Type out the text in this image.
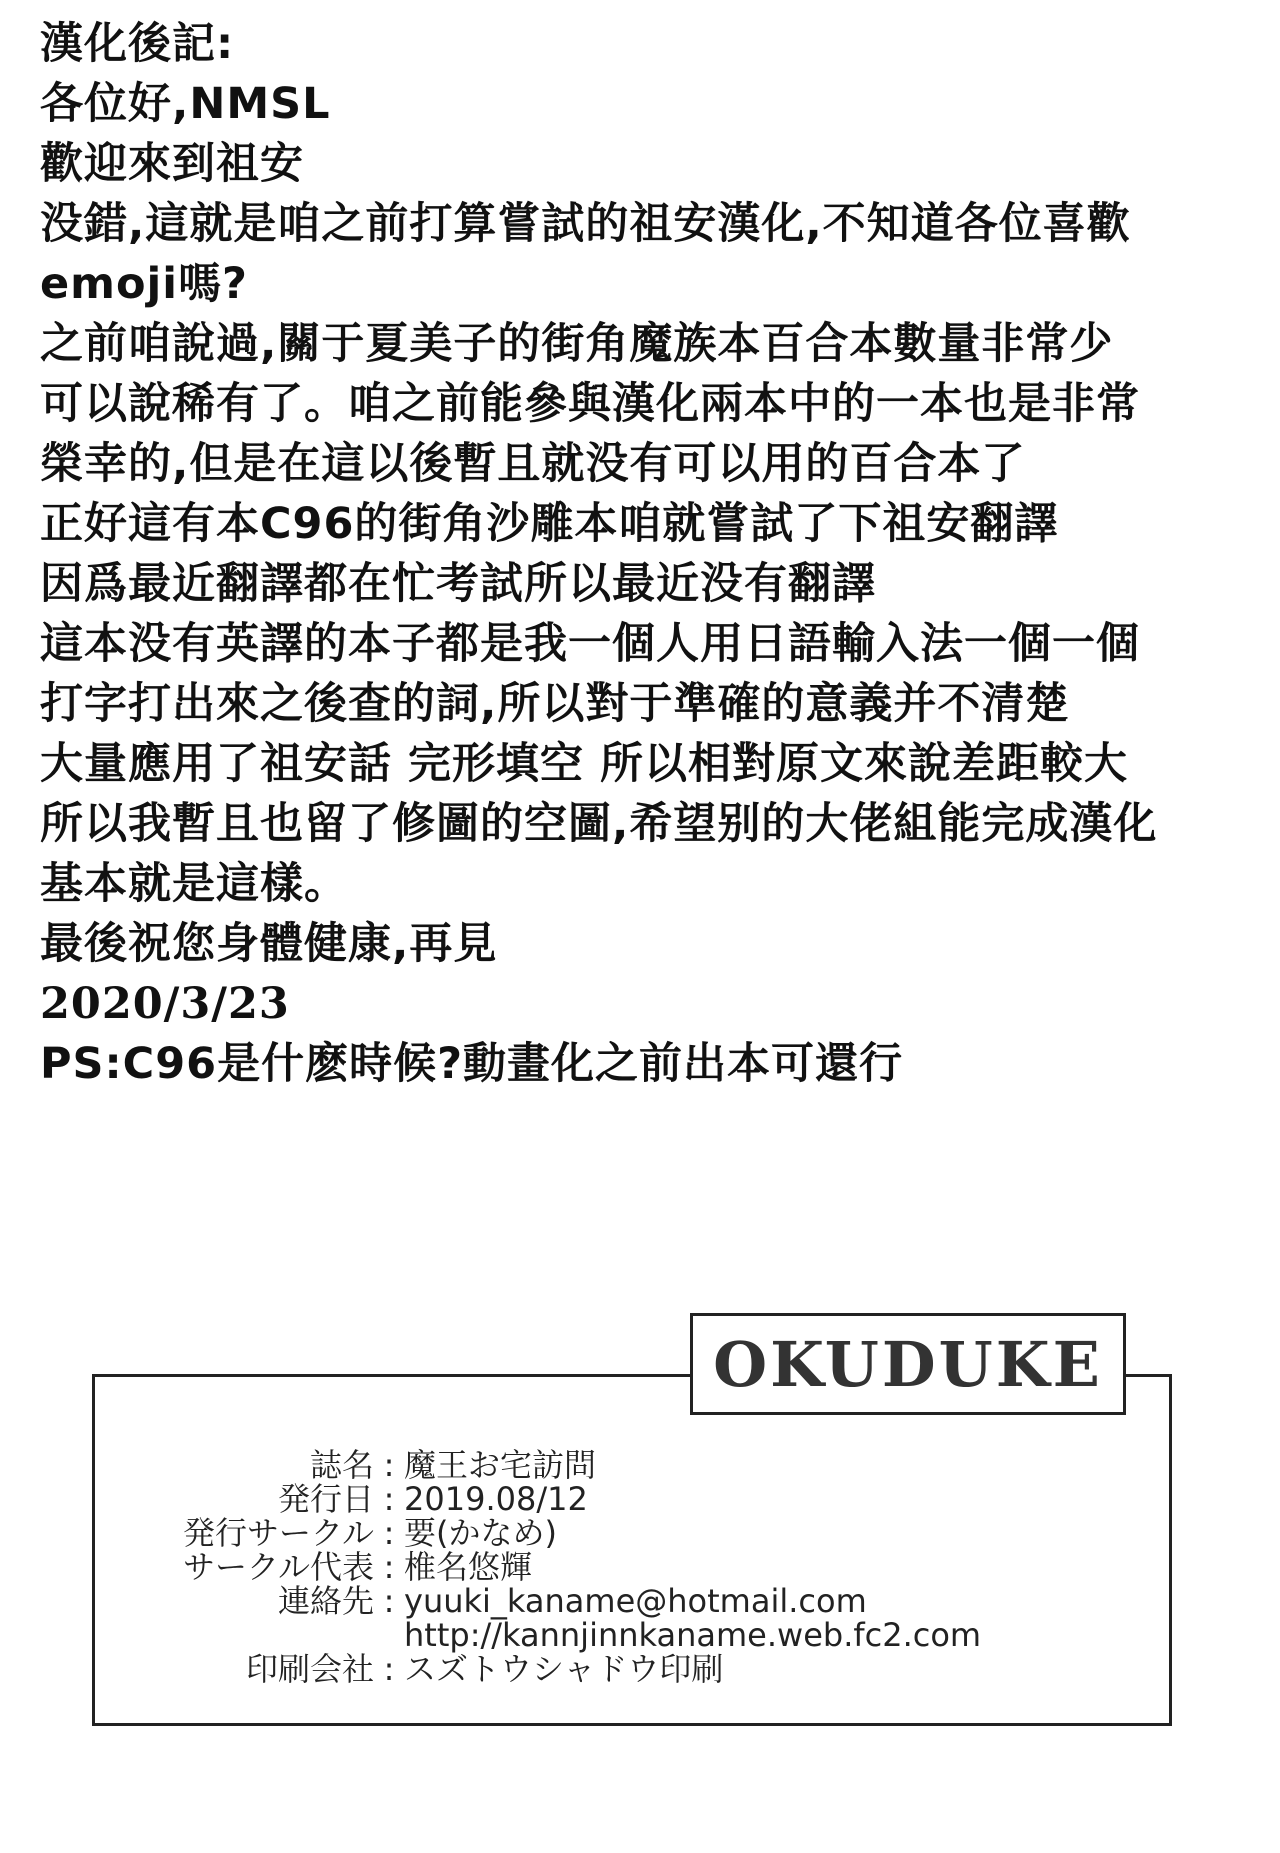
漢化後記:
各位好,NMSL
歡迎來到祖安
没錯,這就是咱之前打算嘗試的祖安漢化,不知道各位喜歡
emoji嗎?
之前咱說過,關于夏美子的街角魔族本百合本數量非常少
可以說稀有了。咱之前能參與漢化兩本中的一本也是非常
榮幸的,但是在這以後暫且就没有可以用的百合本了
正好這有本C96的街角沙雕本咱就嘗試了下祖安翻譯
因爲最近翻譯都在忙考試所以最近没有翻譯
這本没有英譯的本子都是我一個人用日語輸入法一個一個
打字打出來之後查的詞,所以對于準確的意義并不清楚
大量應用了祖安話 完形填空 所以相對原文來說差距較大
所以我暫且也留了修圖的空圖,希望别的大佬組能完成漢化
基本就是這樣。
最後祝您身體健康,再見
2020/3/23
PS:C96是什麽時候?動畫化之前出本可還行
OKUDUKE
誌名 : 魔王お宅訪問
発行日 : 2019.08/12
発行サークル : 要(かなめ)
サークル代表 : 椎名悠輝
連絡先 : yuuki_kaname@hotmail.com
http://kannjinnkaname.web.fc2.com
印刷会社 : スズトウシャドウ印刷
